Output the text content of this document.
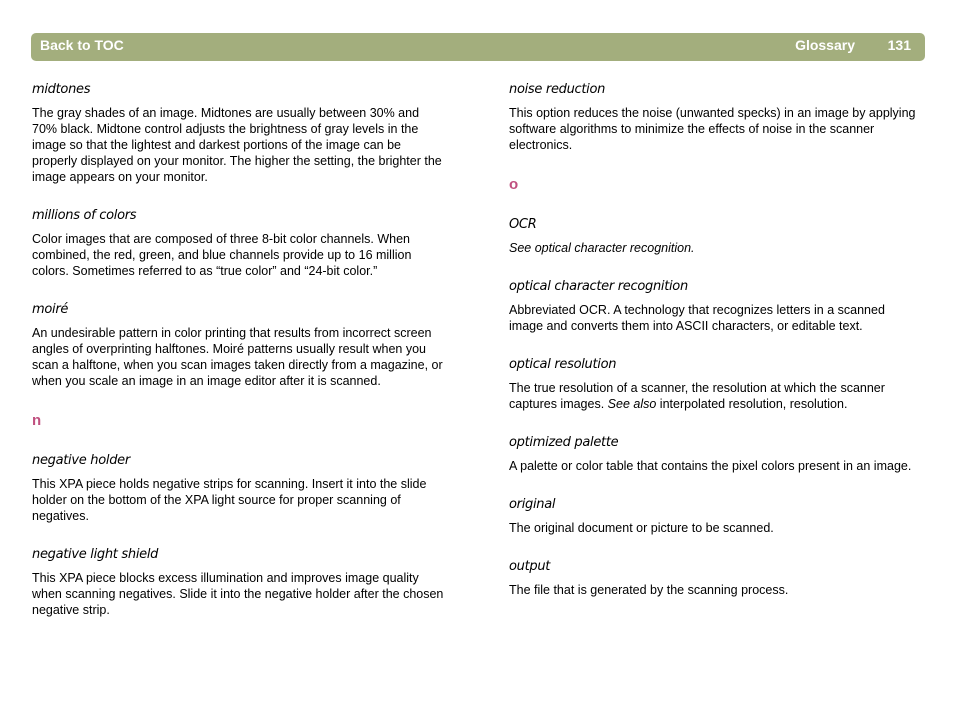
Back to TOC	Glossary 131

midtones

The gray shades of an image. Midtones are usually between 30% and 70% black. Midtone control adjusts the brightness of gray levels in the image so that the lightest and darkest portions of the image can be properly displayed on your monitor. The higher the setting, the brighter the image appears on your monitor.

millions of colors

Color images that are composed of three 8-bit color channels. When combined, the red, green, and blue channels provide up to 16 million colors. Sometimes referred to as “true color” and “24-bit color.”

moiré

An undesirable pattern in color printing that results from incorrect screen angles of overprinting halftones. Moiré patterns usually result when you scan a halftone, when you scan images taken directly from a magazine, or when you scale an image in an image editor after it is scanned.

n

negative holder

This XPA piece holds negative strips for scanning. Insert it into the slide holder on the bottom of the XPA light source for proper scanning of negatives.

negative light shield

This XPA piece blocks excess illumination and improves image quality when scanning negatives. Slide it into the negative holder after the chosen negative strip.

noise reduction

This option reduces the noise (unwanted specks) in an image by applying software algorithms to minimize the effects of noise in the scanner electronics.

o

OCR

See optical character recognition.

optical character recognition

Abbreviated OCR. A technology that recognizes letters in a scanned image and converts them into ASCII characters, or editable text.

optical resolution

The true resolution of a scanner, the resolution at which the scanner captures images. See also interpolated resolution, resolution.

optimized palette

A palette or color table that contains the pixel colors present in an image.

original

The original document or picture to be scanned.

output

The file that is generated by the scanning process.
